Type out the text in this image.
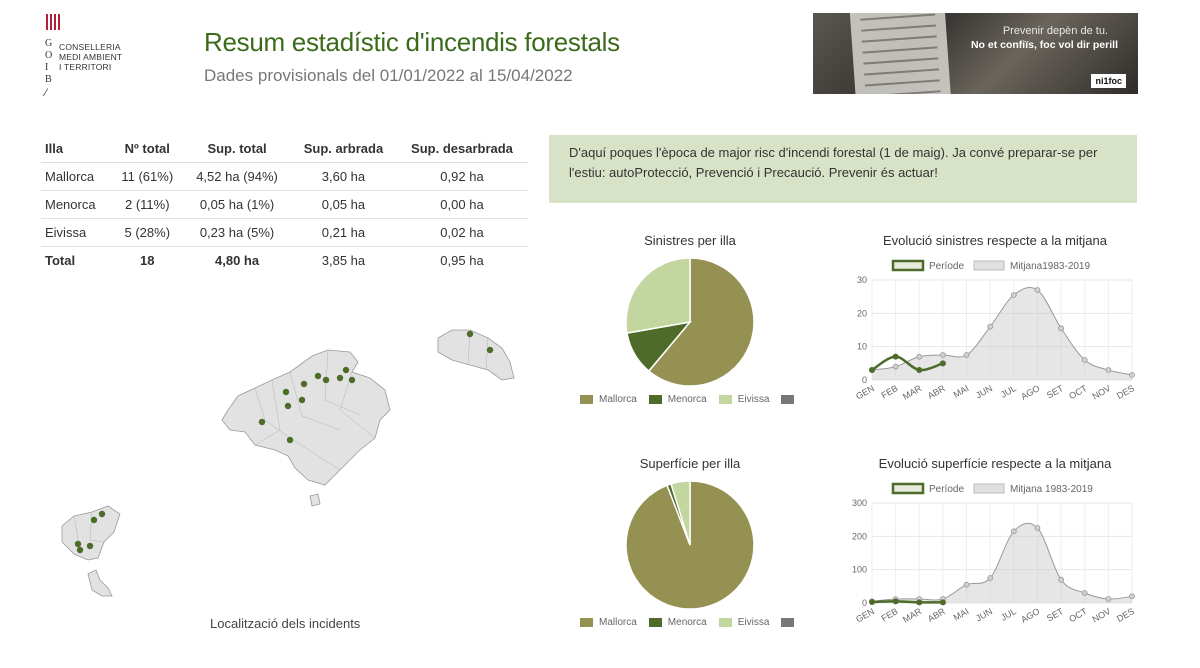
G
O
I
B
⁄
CONSELLERIA
MEDI AMBIENT
I TERRITORI
Resum estadístic d'incendis forestals
Dades provisionals del 01/01/2022 al 15/04/2022
Prevenir depèn de tu.
No et confiïs, foc vol dir perill
ni1foc
Illa	Nº total	Sup. total	Sup. arbrada	Sup. desarbrada
Mallorca	11 (61%)	4,52 ha (94%)	3,60 ha	0,92 ha
Menorca	2 (11%)	0,05 ha (1%)	0,05 ha	0,00 ha
Eivissa	5 (28%)	0,23 ha (5%)	0,21 ha	0,02 ha
Total	18	4,80 ha	3,85 ha	0,95 ha
D'aquí poques l'època de major risc d'incendi forestal (1 de maig). Ja convé preparar-se per l'estiu: autoProtecció, Prevenció i Precaució. Prevenir és actuar!
Localització dels incidents
Sinistres per illa
Mallorca	Menorca	Eivissa
Evolució sinistres respecte a la mitjana
Període	Mitjana1983-2019
0
10
20
30
GEN FEB MAR ABR MAI JUN JUL AGO SET OCT NOV DES
Superfície per illa
Mallorca	Menorca	Eivissa
Evolució superfície respecte a la mitjana
Període	Mitjana 1983-2019
0
100
200
300
GEN FEB MAR ABR MAI JUN JUL AGO SET OCT NOV DES
